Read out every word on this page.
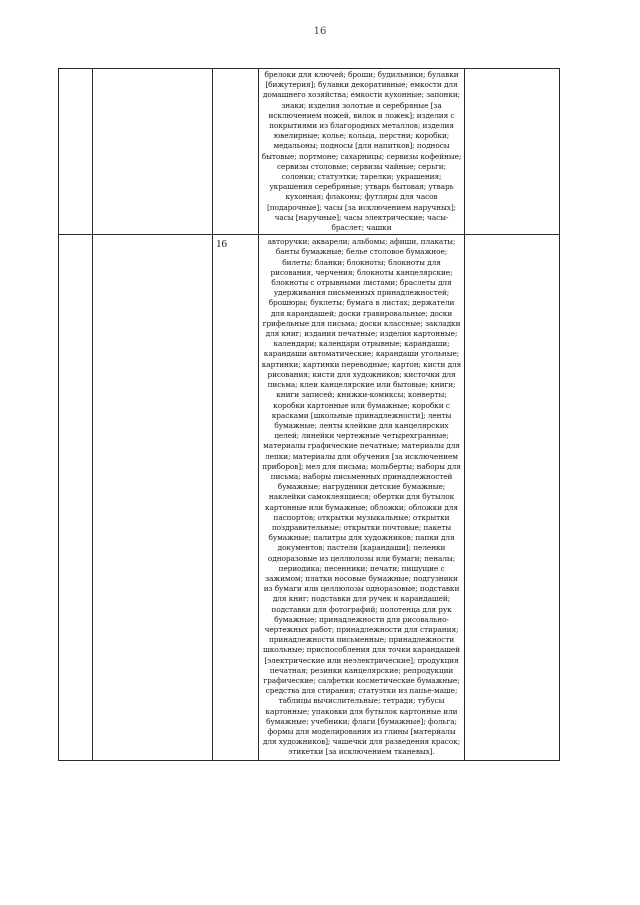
16

			брелоки для ключей; броши; будильники; булавки [бижутерия]; булавки декоративные; емкости для домашнего хозяйства; емкости кухонные; запонки; знаки; изделия золотые и серебряные [за исключением ножей, вилок и ложек]; изделия с покрытиями из благородных металлов; изделия ювелирные; колье; кольца, перстни; коробки; медальоны; подносы [для напитков]; подносы бытовые; портмоне; сахарницы; сервизы кофейные; сервизы столовые; сервизы чайные; серьги; солонки; статуэтки; тарелки; украшения; украшения серебряные; утварь бытовая; утварь кухонная; флаконы; футляры для часов [подарочные]; часы [за исключением наручных]; часы [наручные]; часы электрические; часы-браслет; чашки	

		16	авторучки; акварели; альбомы; афиши, плакаты; банты бумажные; белье столовое бумажное; билеты; бланки; блокноты; блокноты для рисования, черчения; блокноты канцелярские; блокноты с отрывными листами; браслеты для удерживания письменных принадлежностей; брошюры; буклеты; бумага в листах; держатели для карандашей; доски гравировальные; доски грифельные для письма; доски классные; закладки для книг; издания печатные; изделия картонные; календари; календари отрывные; карандаши; карандаши автоматические; карандаши угольные; картинки; картинки переводные; картон; кисти для рисования; кисти для художников; кисточки для письма; клеи канцелярские или бытовые; книги; книги записей; книжки-комиксы; конверты; коробки картонные или бумажные; коробки с красками [школьные принадлежности]; ленты бумажные; ленты клейкие для канцелярских целей; линейки чертежные четырехгранные; материалы графические печатные; материалы для лепки; материалы для обучения [за исключением приборов]; мел для письма; мольберты; наборы для письма; наборы письменных принадлежностей бумажные; нагрудники детские бумажные; наклейки самоклеящиеся; обертки для бутылок картонные или бумажные; обложки; обложки для паспортов; открытки музыкальные; открытки поздравительные; открытки почтовые; пакеты бумажные; палитры для художников; папки для документов; пастели [карандаши]; пеленки одноразовые из целлюлозы или бумаги; пеналы; периодика; песенники; печати; пишущие с зажимом; платки носовые бумажные; подгузники из бумаги или целлюлозы одноразовые; подставки для книг; подставки для ручек и карандашей; подставки для фотографий; полотенца для рук бумажные; принадлежности для рисовально-чертежных работ; принадлежности для стирания; принадлежности письменные; принадлежности школьные; приспособления для точки карандашей [электрические или неэлектрические]; продукция печатная; резинки канцелярские; репродукции графические; салфетки косметические бумажные; средства для стирания; статуэтки из папье-маше; таблицы вычислительные; тетради; тубусы картонные; упаковки для бутылок картонные или бумажные; учебники; флаги [бумажные]; фольга; формы для моделирования из глины [материалы для художников]; чашечки для разведения красок; этикетки [за исключением тканевых].	
